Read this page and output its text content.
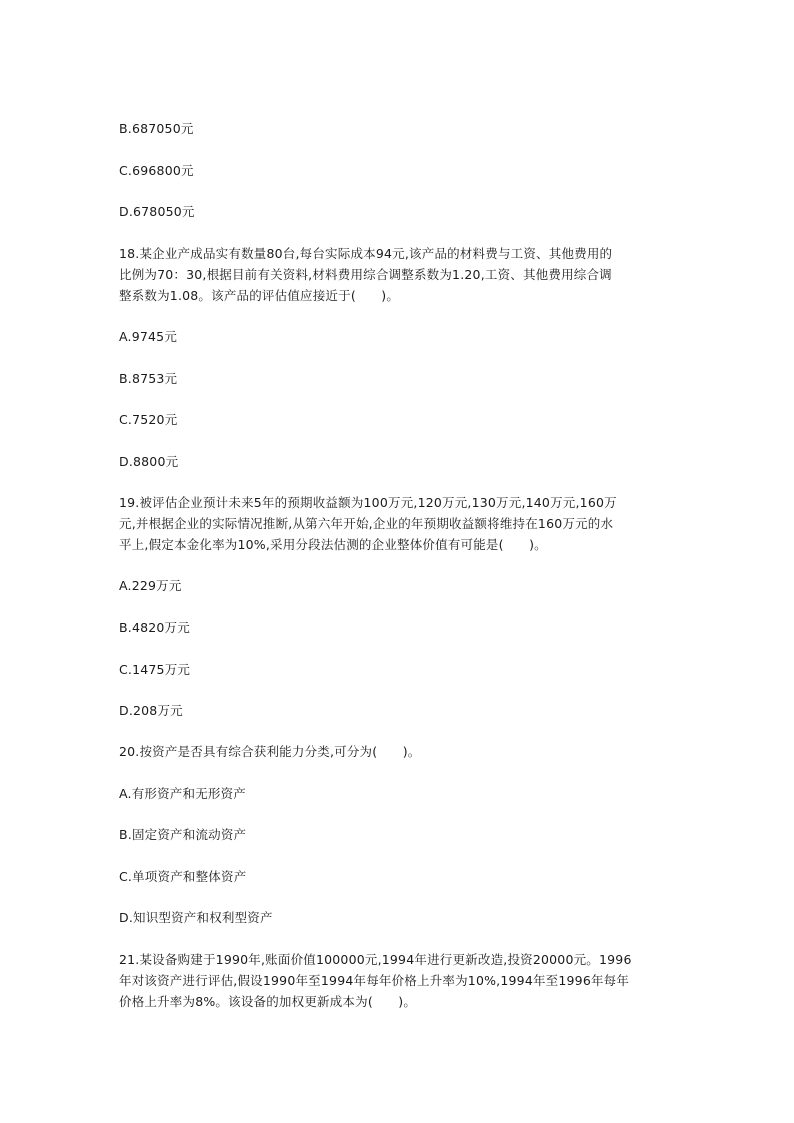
B.687050元

C.696800元

D.678050元

18.某企业产成品实有数量80台,每台实际成本94元,该产品的材料费与工资、其他费用的

比例为70：30,根据目前有关资料,材料费用综合调整系数为1.20,工资、其他费用综合调

整系数为1.08。该产品的评估值应接近于(　　)。

A.9745元

B.8753元

C.7520元

D.8800元

19.被评估企业预计未来5年的预期收益额为100万元,120万元,130万元,140万元,160万

元,并根据企业的实际情况推断,从第六年开始,企业的年预期收益额将维持在160万元的水

平上,假定本金化率为10%,采用分段法估测的企业整体价值有可能是(　　)。

A.229万元

B.4820万元

C.1475万元

D.208万元

20.按资产是否具有综合获利能力分类,可分为(　　)。

A.有形资产和无形资产

B.固定资产和流动资产

C.单项资产和整体资产

D.知识型资产和权利型资产

21.某设备购建于1990年,账面价值100000元,1994年进行更新改造,投资20000元。1996

年对该资产进行评估,假设1990年至1994年每年价格上升率为10%,1994年至1996年每年

价格上升率为8%。该设备的加权更新成本为(　　)。
